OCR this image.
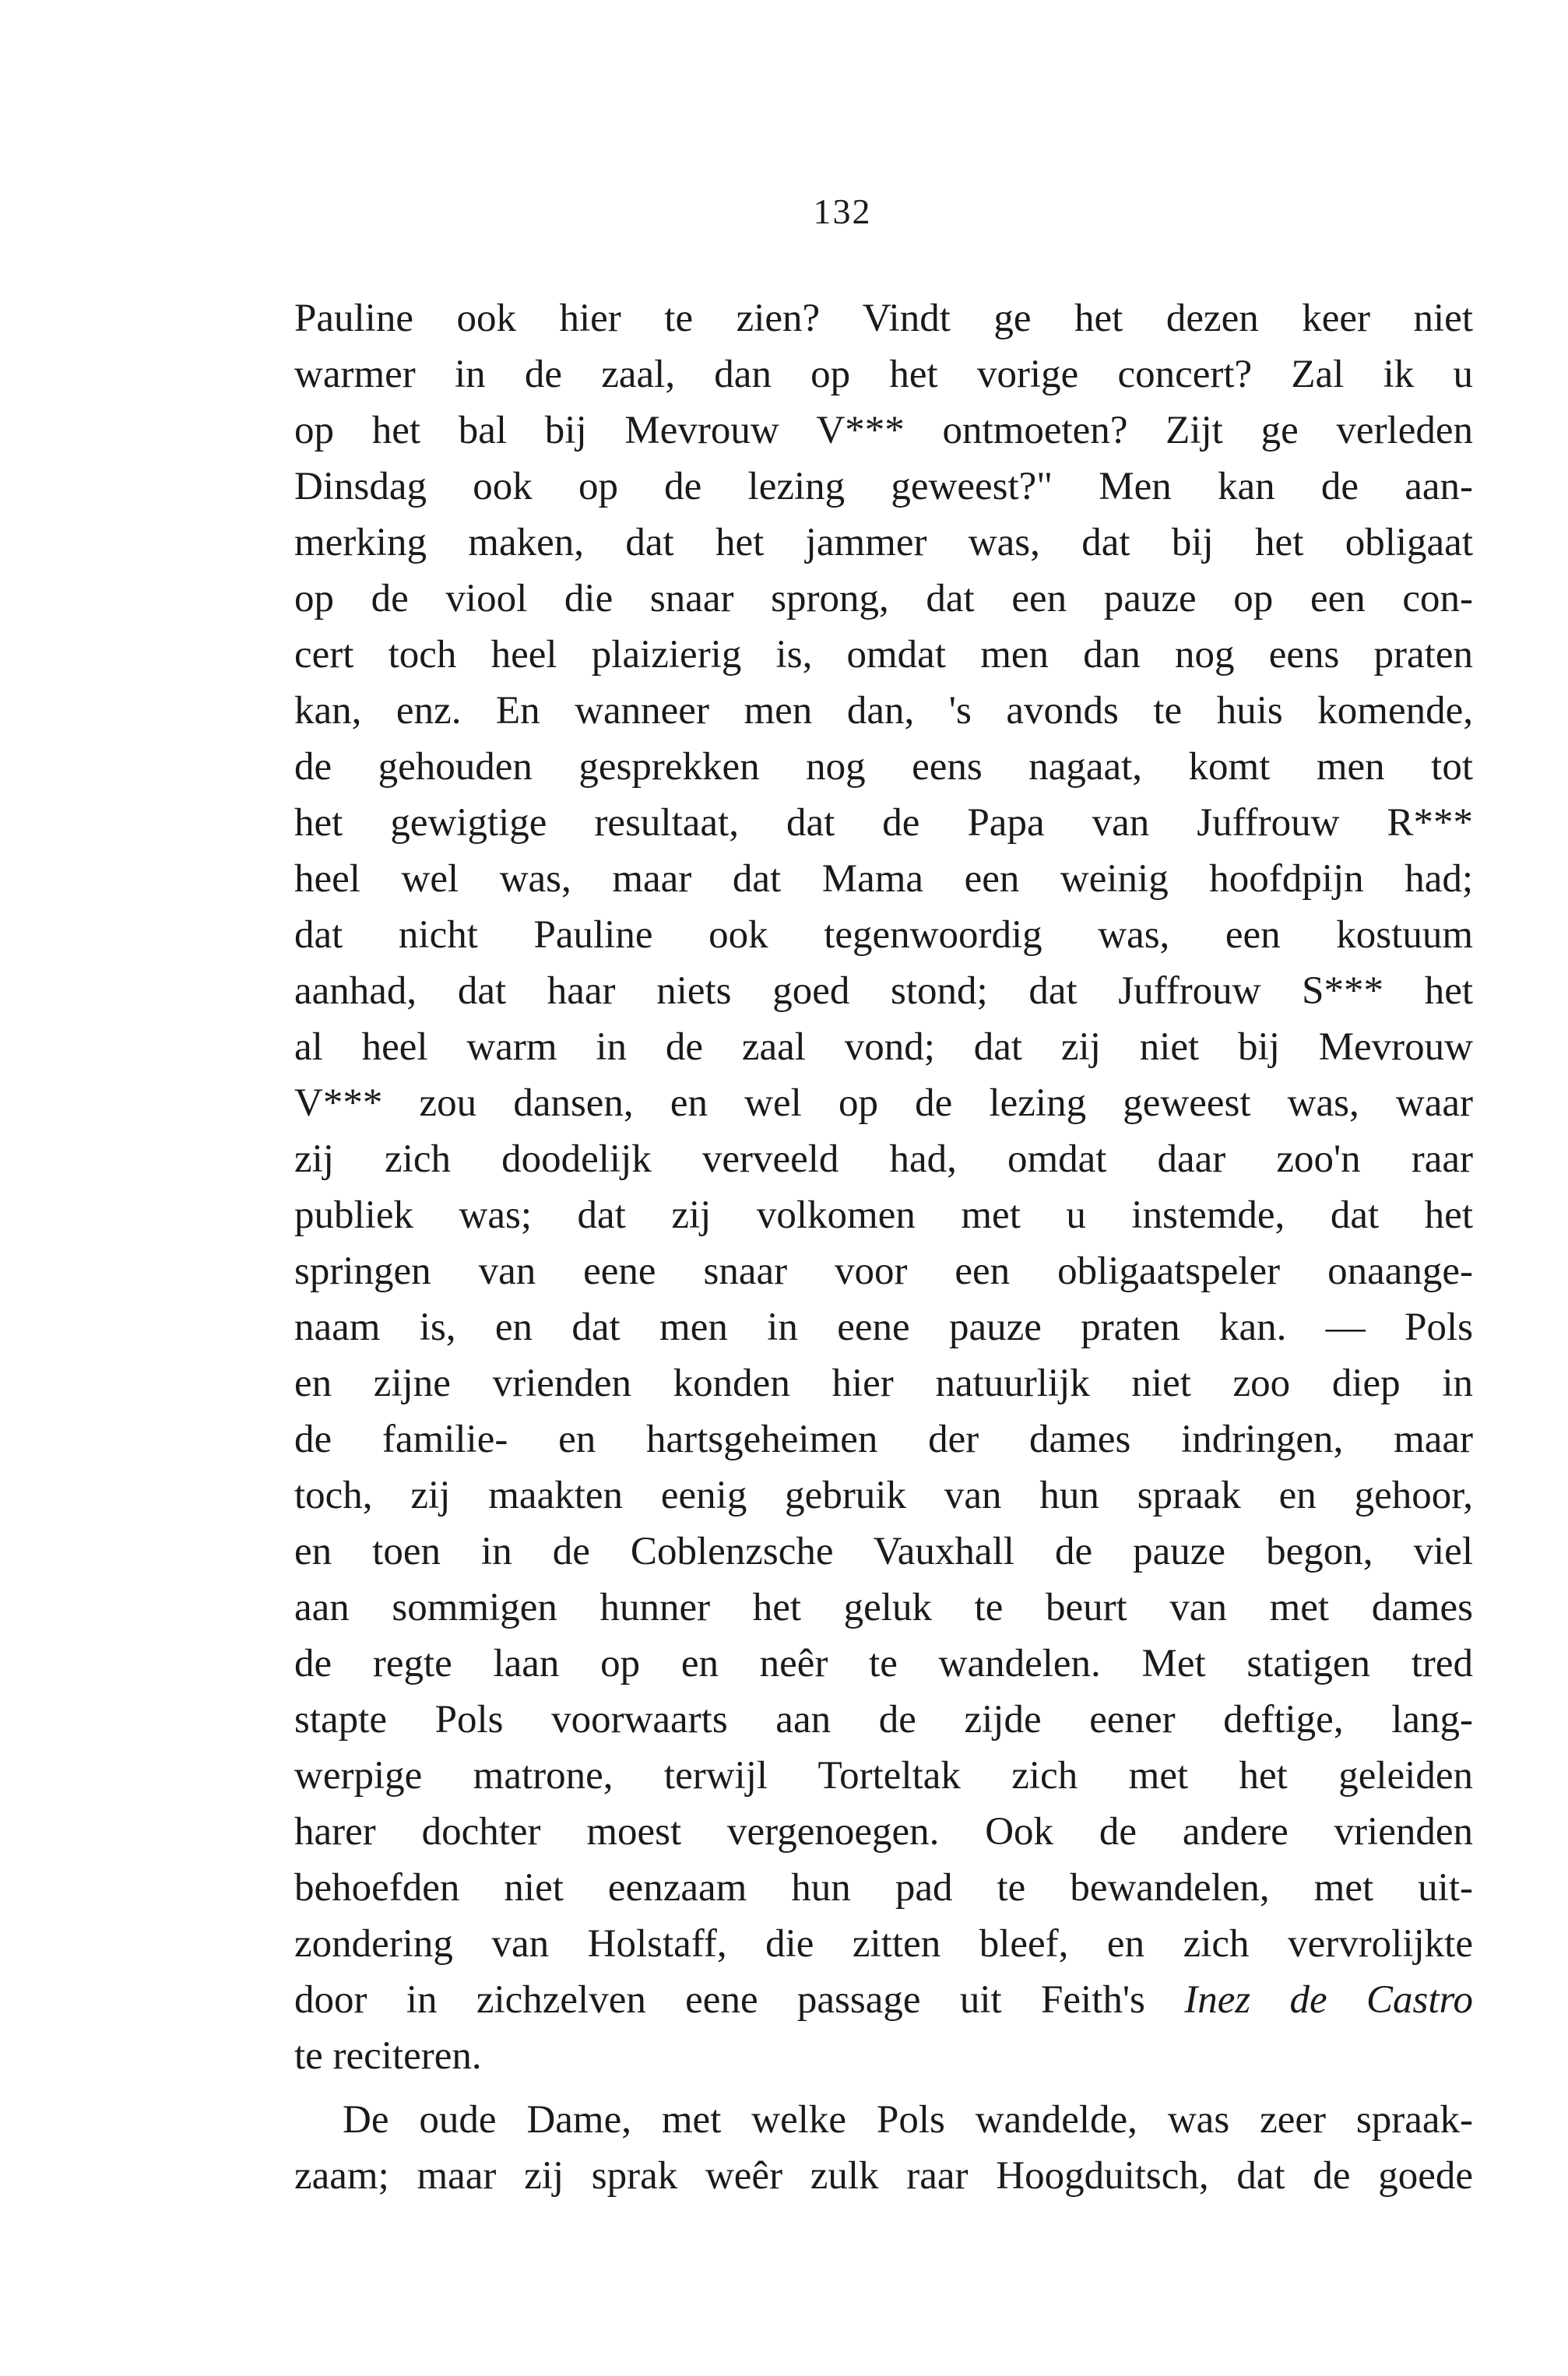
132
Pauline ook hier te zien? Vindt ge het dezen keer niet
warmer in de zaal, dan op het vorige concert? Zal ik u
op het bal bij Mevrouw V*** ontmoeten? Zijt ge verleden
Dinsdag ook op de lezing geweest?" Men kan de aan-
merking maken, dat het jammer was, dat bij het obligaat
op de viool die snaar sprong, dat een pauze op een con-
cert toch heel plaizierig is, omdat men dan nog eens praten
kan, enz. En wanneer men dan, 's avonds te huis komende,
de gehouden gesprekken nog eens nagaat, komt men tot
het gewigtige resultaat, dat de Papa van Juffrouw R***
heel wel was, maar dat Mama een weinig hoofdpijn had;
dat nicht Pauline ook tegenwoordig was, een kostuum
aanhad, dat haar niets goed stond; dat Juffrouw S*** het
al heel warm in de zaal vond; dat zij niet bij Mevrouw
V*** zou dansen, en wel op de lezing geweest was, waar
zij zich doodelijk verveeld had, omdat daar zoo'n raar
publiek was; dat zij volkomen met u instemde, dat het
springen van eene snaar voor een obligaatspeler onaange-
naam is, en dat men in eene pauze praten kan. — Pols
en zijne vrienden konden hier natuurlijk niet zoo diep in
de familie- en hartsgeheimen der dames indringen, maar
toch, zij maakten eenig gebruik van hun spraak en gehoor,
en toen in de Coblenzsche Vauxhall de pauze begon, viel
aan sommigen hunner het geluk te beurt van met dames
de regte laan op en neêr te wandelen. Met statigen tred
stapte Pols voorwaarts aan de zijde eener deftige, lang-
werpige matrone, terwijl Torteltak zich met het geleiden
harer dochter moest vergenoegen. Ook de andere vrienden
behoefden niet eenzaam hun pad te bewandelen, met uit-
zondering van Holstaff, die zitten bleef, en zich vervrolijkte
door in zichzelven eene passage uit Feith's Inez de Castro
te reciteren.
De oude Dame, met welke Pols wandelde, was zeer spraak-
zaam; maar zij sprak weêr zulk raar Hoogduitsch, dat de goede
